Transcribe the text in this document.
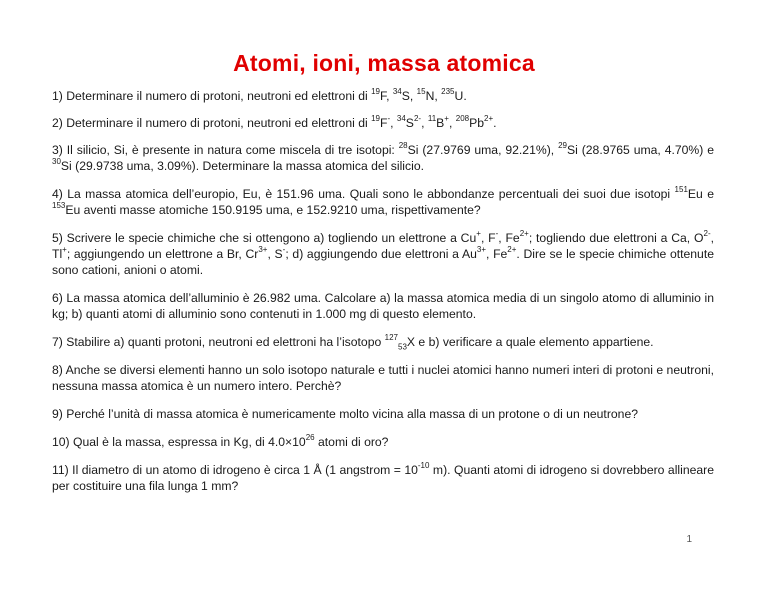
Atomi, ioni, massa atomica

1) Determinare il numero di protoni, neutroni ed elettroni di $^{19}$F, $^{34}$S, $^{15}$N, $^{235}$U.

2) Determinare il numero di protoni, neutroni ed elettroni di $^{19}$F-, $^{34}S^{2-}$, $^{11}$B+, $^{208}Pb^{2+}$.

3) Il silicio, Si, è presente in natura come miscela di tre isotopi: $^{28}$Si (27.9769 uma, 92.21%), $^{29}$Si (28.9765 uma, 4.70%) e $^{30}$Si (29.9738 uma, 3.09%). Determinare la massa atomica del silicio.

4) La massa atomica dell’europio, Eu, è 151.96 uma. Quali sono le abbondanze percentuali dei suoi due isotopi $^{151}$Eu e $^{153}$Eu aventi masse atomiche 150.9195 uma, e 152.9210 uma, rispettivamente?

5) Scrivere le specie chimiche che si ottengono a) togliendo un elettrone a Cu+, F-, $Fe^{2+}$; togliendo due elettroni a Ca, $O^{2-}$, Tl+; aggiungendo un elettrone a Br, $Cr^{3+}$, S-; d) aggiungendo due elettroni a $Au^{3+}$, $Fe^{2+}$. Dire se le specie chimiche ottenute sono cationi, anioni o atomi.

6) La massa atomica dell’alluminio è 26.982 uma. Calcolare a) la massa atomica media di un singolo atomo di alluminio in kg; b) quanti atomi di alluminio sono contenuti in 1.000 mg di questo elemento.

7) Stabilire a) quanti protoni, neutroni ed elettroni ha l’isotopo $^{127}_{53}$X e b) verificare a quale elemento appartiene.

8) Anche se diversi elementi hanno un solo isotopo naturale e tutti i nuclei atomici hanno numeri interi di protoni e neutroni, nessuna massa atomica è un numero intero. Perchè?

9) Perché l’unità di massa atomica è numericamente molto vicina alla massa di un protone o di un neutrone?

10) Qual è la massa, espressa in Kg, di $4.0\times 10^{26}$ atomi di oro?

11) Il diametro di un atomo di idrogeno è circa 1 Å (1 angstrom = $10^{-10}$ m). Quanti atomi di idrogeno si dovrebbero allineare per costituire una fila lunga 1 mm?

1
